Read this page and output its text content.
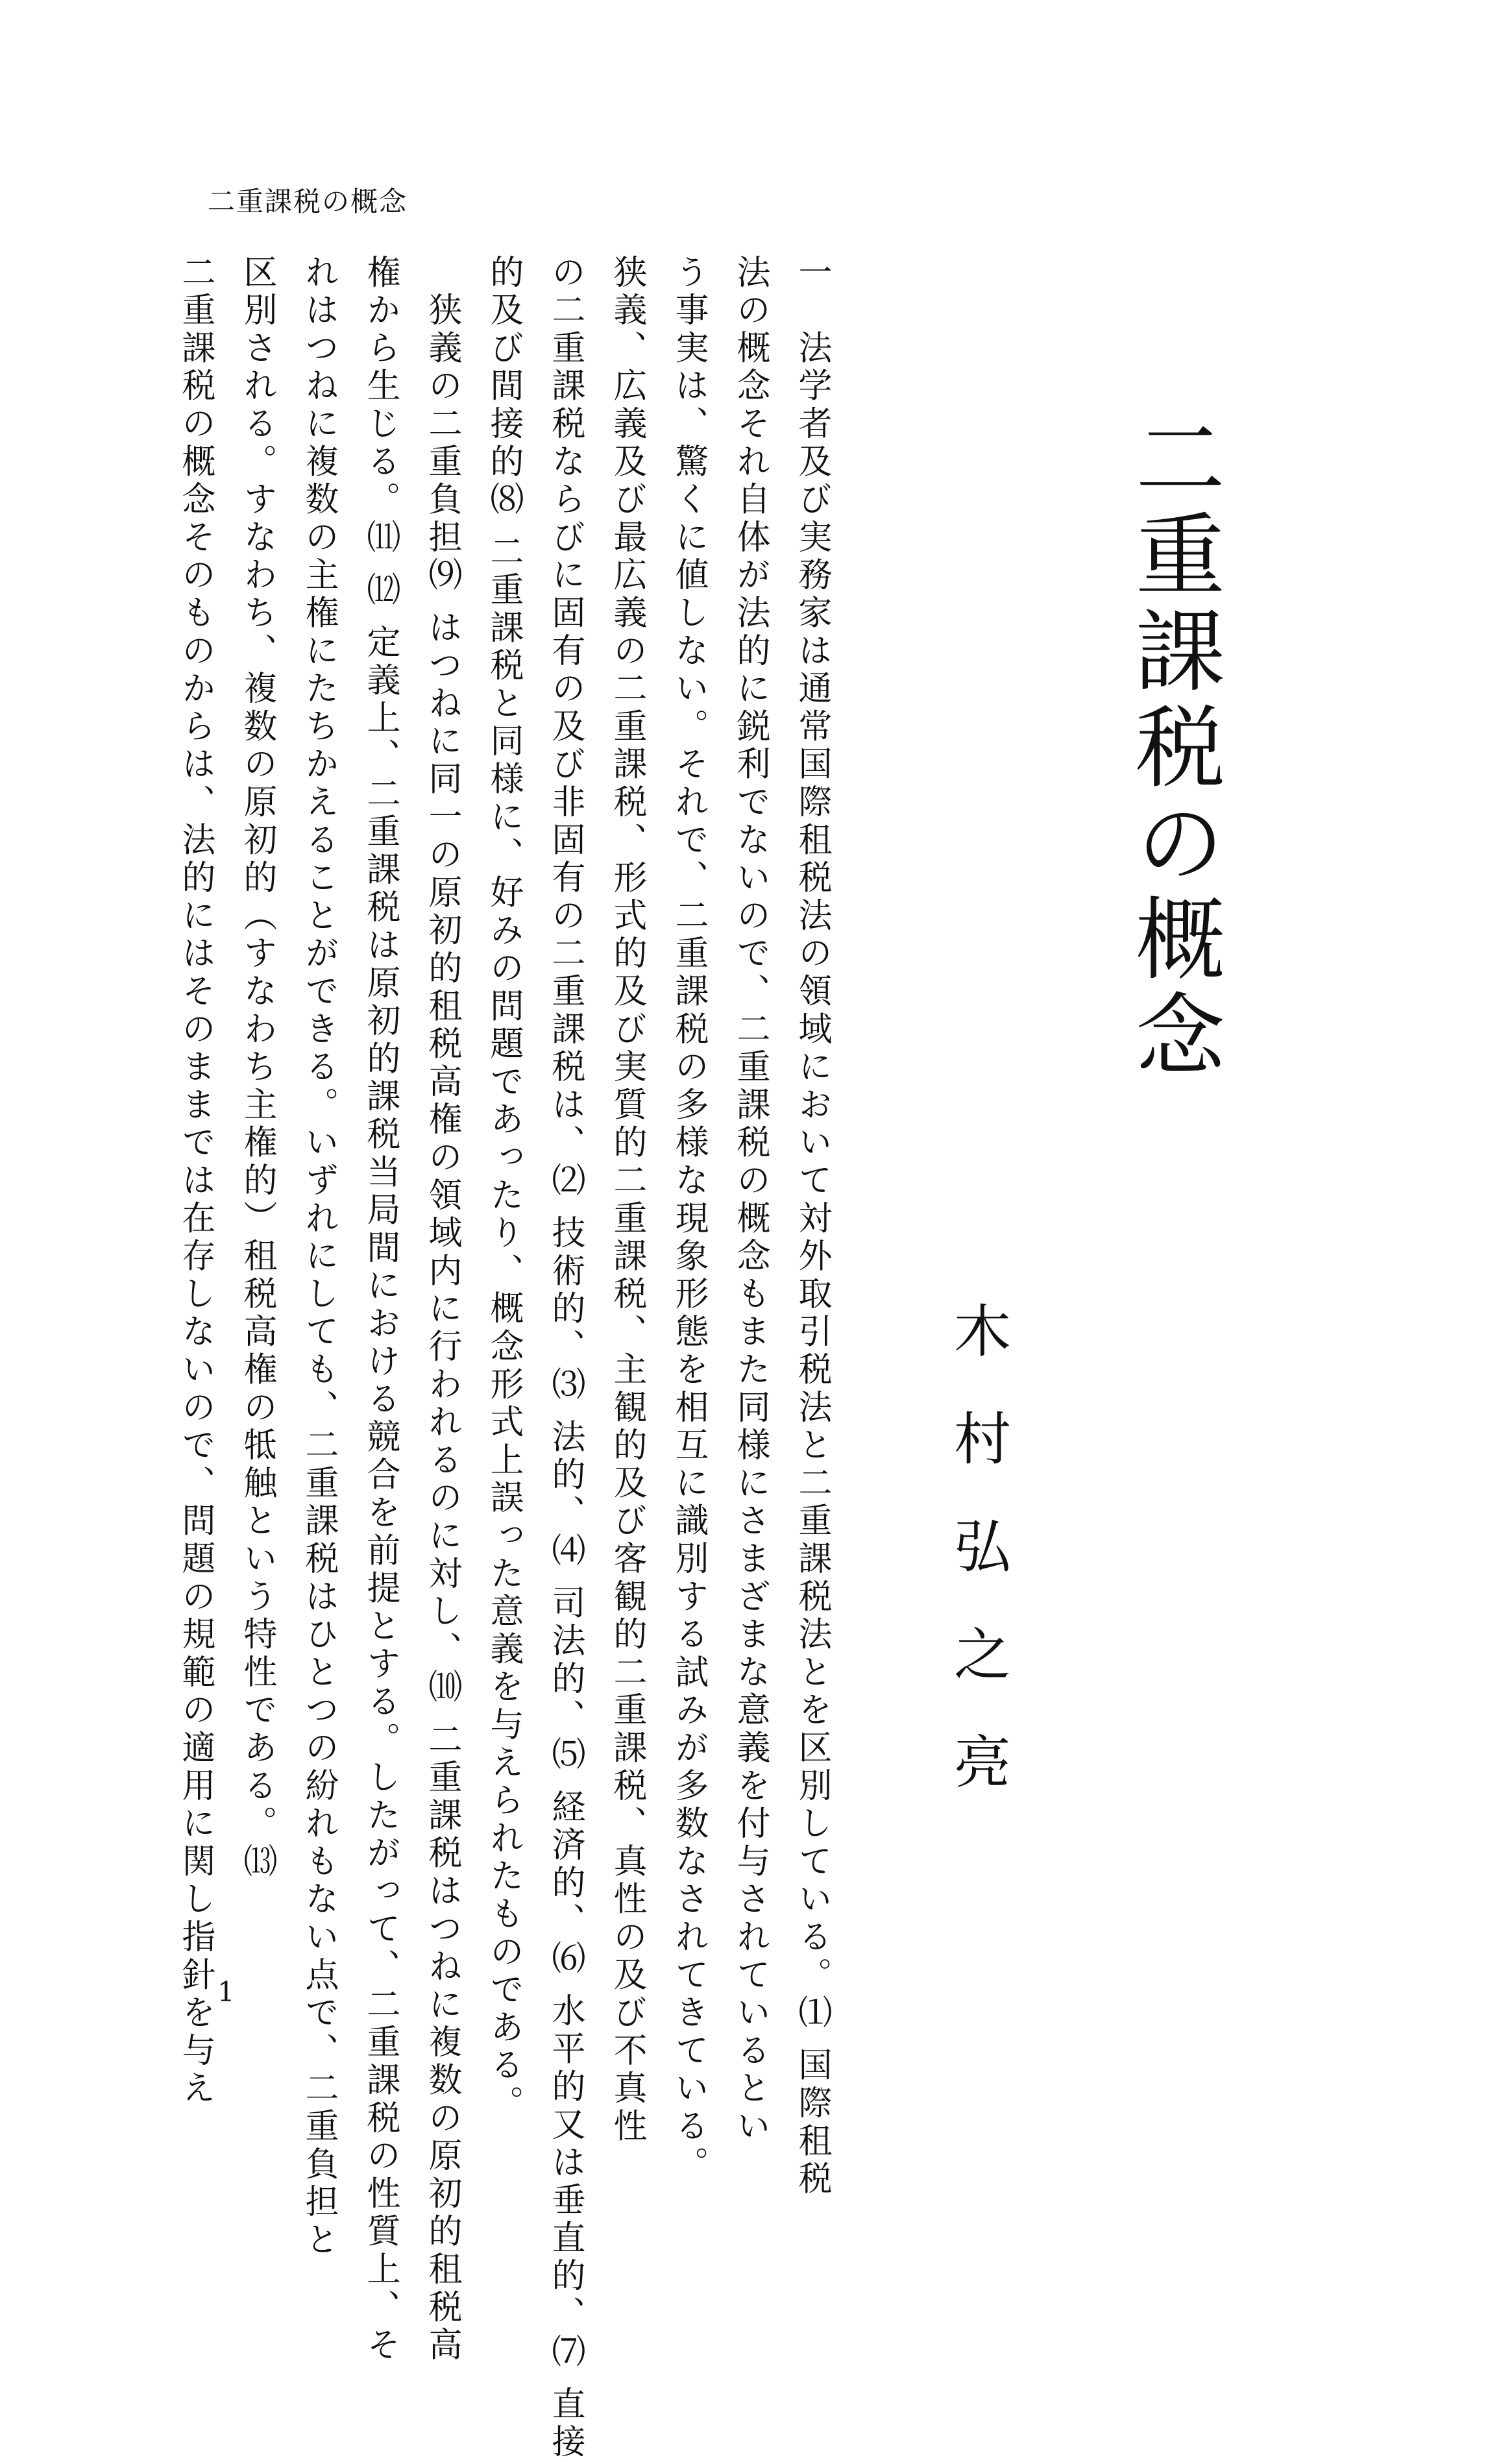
二重課税の概念
二重課税の概念
木村弘之亮
一　法学者及び実務家は通常国際租税法の領域において対外取引税法と二重課税法とを区別している。⑴ 国際租税
法の概念それ自体が法的に鋭利でないので、二重課税の概念もまた同様にさまざまな意義を付与されているとい
う事実は、驚くに値しない。それで、二重課税の多様な現象形態を相互に識別する試みが多数なされてきている。
狭義、広義及び最広義の二重課税、形式的及び実質的二重課税、主観的及び客観的二重課税、真性の及び不真性
の二重課税ならびに固有の及び非固有の二重課税は、⑵ 技術的、⑶ 法的、⑷ 司法的、⑸ 経済的、⑹ 水平的又は垂直的、⑺ 直接
的及び間接的⑻ 二重課税と同様に、好みの問題であったり、概念形式上誤った意義を与えられたものである。
　狭義の二重負担⑼ はつねに同一の原初的租税高権の領域内に行われるのに対し、⑽ 二重課税はつねに複数の原初的租税高
権から生じる。⑾ ⑿ 定義上、二重課税は原初的課税当局間における競合を前提とする。したがって、二重課税の性質上、そ
れはつねに複数の主権にたちかえることができる。いずれにしても、二重課税はひとつの紛れもない点で、二重負担と
区別される。すなわち、複数の原初的（すなわち主権的）租税高権の牴触という特性である。⒀
二重課税の概念そのものからは、法的にはそのままでは在存しないので、問題の規範の適用に関し指針を与え 1
